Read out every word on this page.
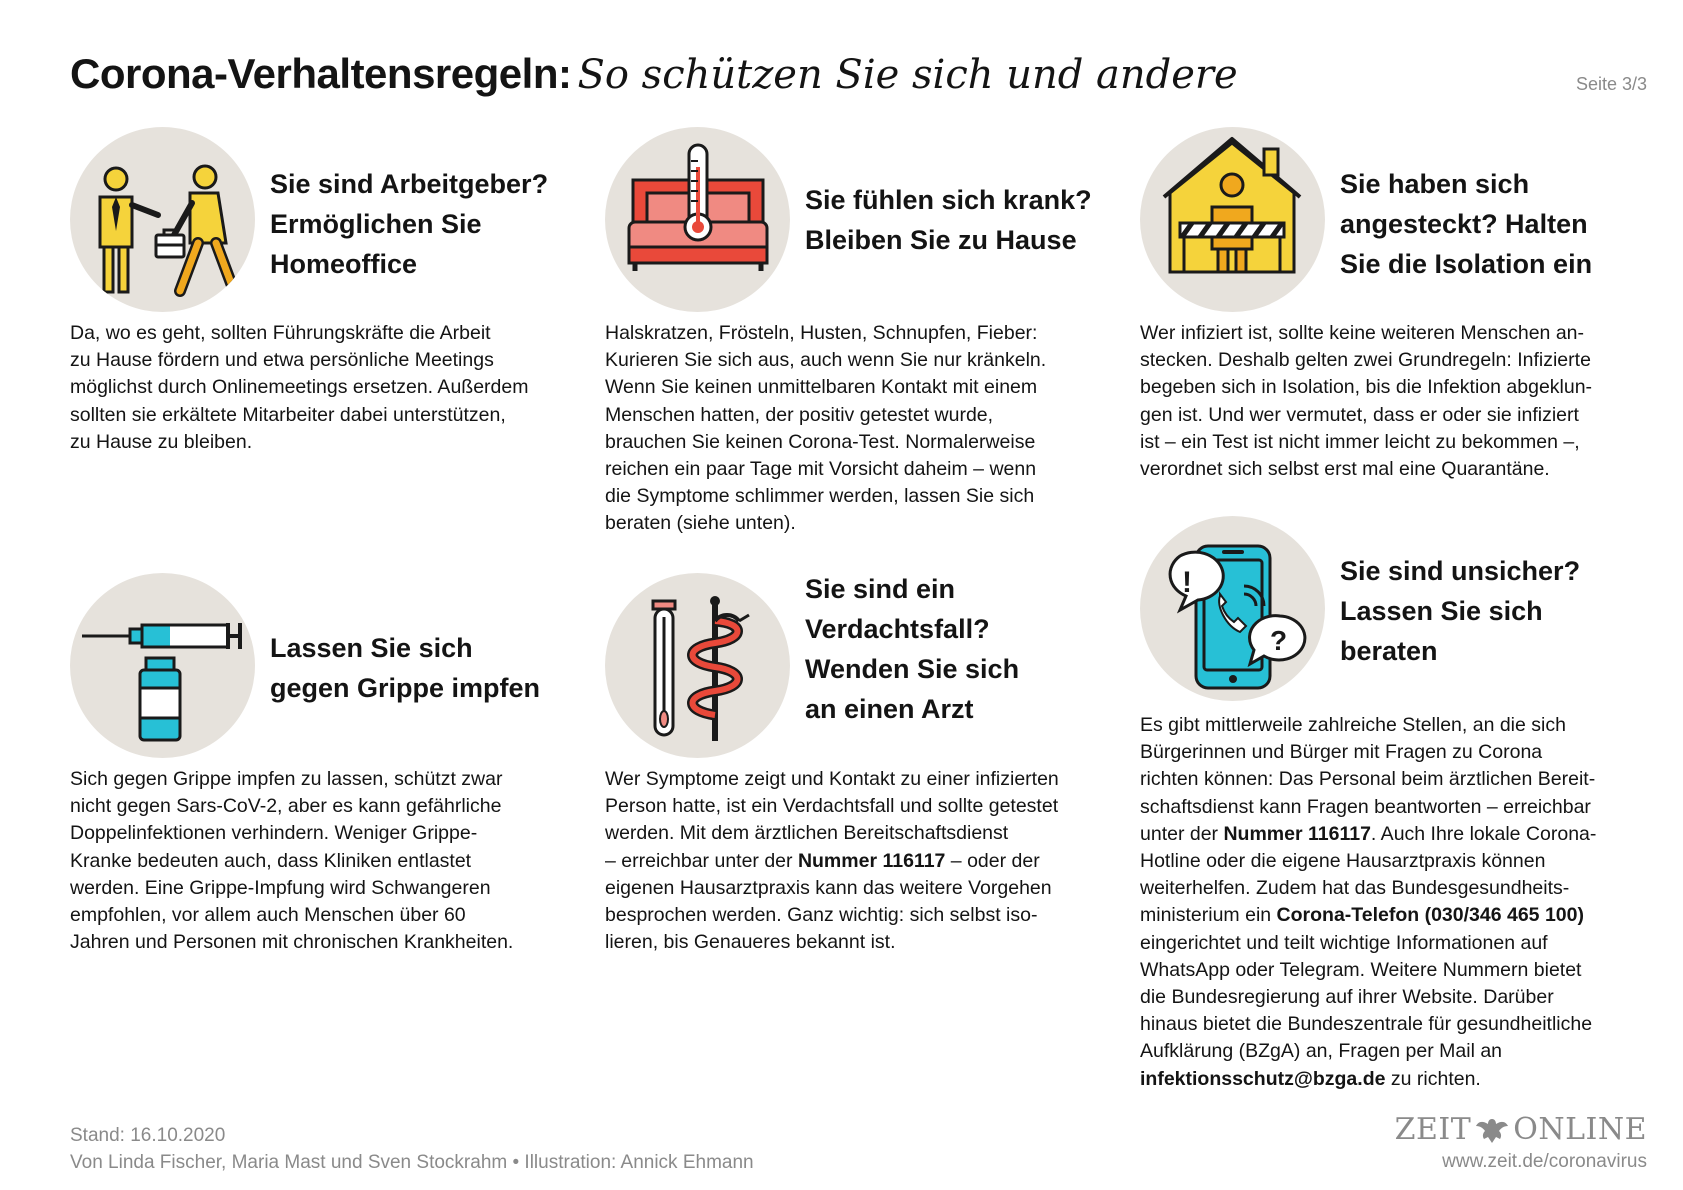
Corona-Verhaltensregeln: So schützen Sie sich und andere	Seite 3/3
Sie sind Arbeitgeber?
Ermöglichen Sie
Homeoffice
Da, wo es geht, sollten Führungskräfte die Arbeit
zu Hause fördern und etwa persönliche Meetings
möglichst durch Onlinemeetings ersetzen. Außerdem
sollten sie erkältete Mitarbeiter dabei unterstützen,
zu Hause zu bleiben.
Sie fühlen sich krank?
Bleiben Sie zu Hause
Halskratzen, Frösteln, Husten, Schnupfen, Fieber:
Kurieren Sie sich aus, auch wenn Sie nur kränkeln.
Wenn Sie keinen unmittelbaren Kontakt mit einem
Menschen hatten, der positiv getestet wurde,
brauchen Sie keinen Corona-Test. Normalerweise
reichen ein paar Tage mit Vorsicht daheim – wenn
die Symptome schlimmer werden, lassen Sie sich
beraten (siehe unten).
Sie haben sich
angesteckt? Halten
Sie die Isolation ein
Wer infiziert ist, sollte keine weiteren Menschen an-
stecken. Deshalb gelten zwei Grundregeln: Infizierte
begeben sich in Isolation, bis die Infektion abgeklun-
gen ist. Und wer vermutet, dass er oder sie infiziert
ist – ein Test ist nicht immer leicht zu bekommen –,
verordnet sich selbst erst mal eine Quarantäne.
Lassen Sie sich
gegen Grippe impfen
Sich gegen Grippe impfen zu lassen, schützt zwar
nicht gegen Sars-CoV-2, aber es kann gefährliche
Doppelinfektionen verhindern. Weniger Grippe-
Kranke bedeuten auch, dass Kliniken entlastet
werden. Eine Grippe-Impfung wird Schwangeren
empfohlen, vor allem auch Menschen über 60
Jahren und Personen mit chronischen Krankheiten.
Sie sind ein
Verdachtsfall?
Wenden Sie sich
an einen Arzt
Wer Symptome zeigt und Kontakt zu einer infizierten
Person hatte, ist ein Verdachtsfall und sollte getestet
werden. Mit dem ärztlichen Bereitschaftsdienst
– erreichbar unter der Nummer 116117 – oder der
eigenen Hausarztpraxis kann das weitere Vorgehen
besprochen werden. Ganz wichtig: sich selbst iso-
lieren, bis Genaueres bekannt ist.
!
?
Sie sind unsicher?
Lassen Sie sich
beraten
Es gibt mittlerweile zahlreiche Stellen, an die sich
Bürgerinnen und Bürger mit Fragen zu Corona
richten können: Das Personal beim ärztlichen Bereit-
schaftsdienst kann Fragen beantworten – erreichbar
unter der Nummer 116117. Auch Ihre lokale Corona-
Hotline oder die eigene Hausarztpraxis können
weiterhelfen. Zudem hat das Bundesgesundheits-
ministerium ein Corona-Telefon (030/346 465 100)
eingerichtet und teilt wichtige Informationen auf
WhatsApp oder Telegram. Weitere Nummern bietet
die Bundesregierung auf ihrer Website. Darüber
hinaus bietet die Bundeszentrale für gesundheitliche
Aufklärung (BZgA) an, Fragen per Mail an
infektionsschutz@bzga.de zu richten.
Stand: 16.10.2020
Von Linda Fischer, Maria Mast und Sven Stockrahm • Illustration: Annick Ehmann
ZEIT ONLINE
www.zeit.de/coronavirus
